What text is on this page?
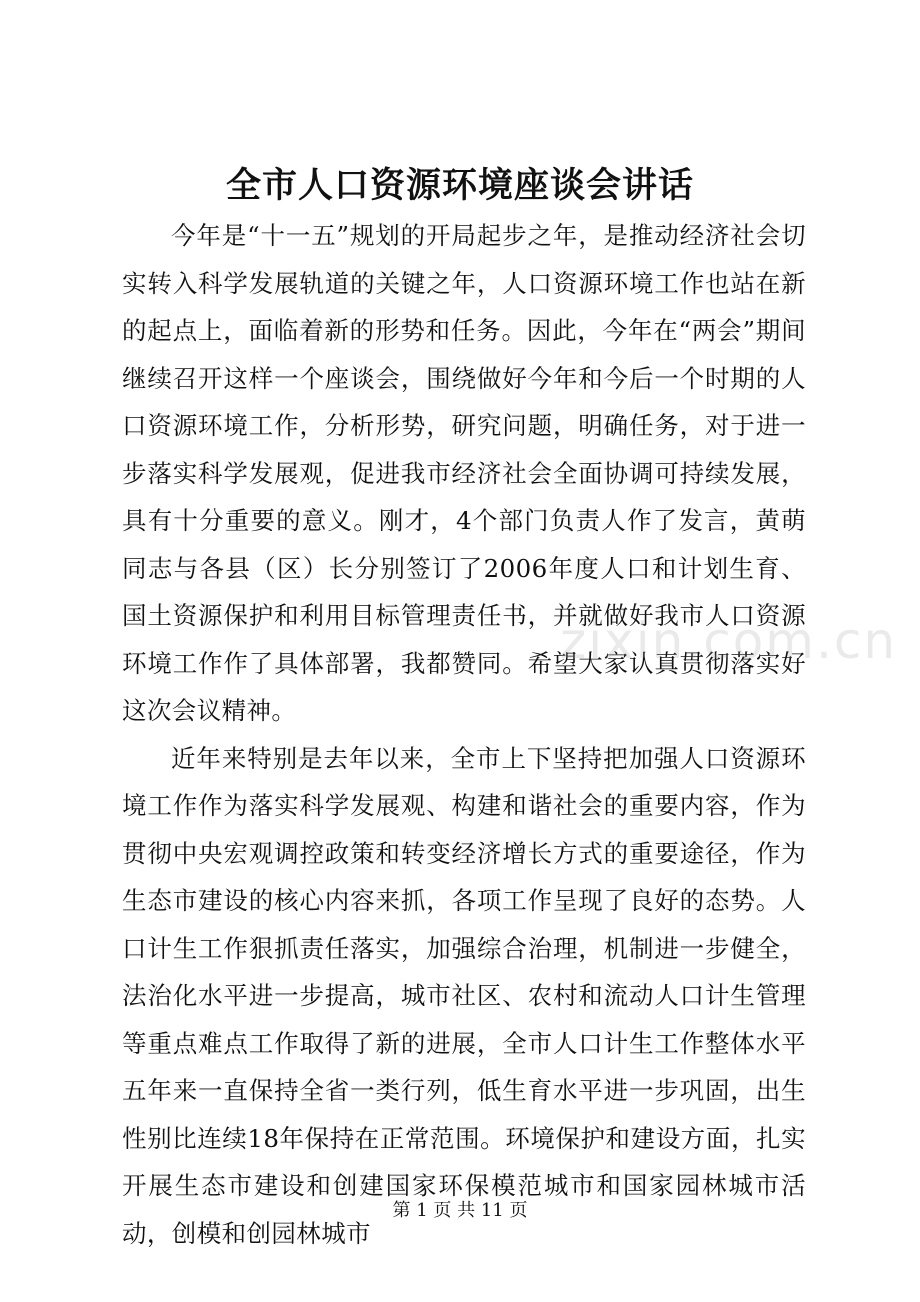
全市人口资源环境座谈会讲话

今年是“十一五”规划的开局起步之年，是推动经济社会切实转入科学发展轨道的关键之年，人口资源环境工作也站在新的起点上，面临着新的形势和任务。因此，今年在“两会”期间继续召开这样一个座谈会，围绕做好今年和今后一个时期的人口资源环境工作，分析形势，研究问题，明确任务，对于进一步落实科学发展观，促进我市经济社会全面协调可持续发展，具有十分重要的意义。刚才，4个部门负责人作了发言，黄萌同志与各县（区）长分别签订了2006年度人口和计划生育、国土资源保护和利用目标管理责任书，并就做好我市人口资源环境工作作了具体部署，我都赞同。希望大家认真贯彻落实好这次会议精神。

近年来特别是去年以来，全市上下坚持把加强人口资源环境工作作为落实科学发展观、构建和谐社会的重要内容，作为贯彻中央宏观调控政策和转变经济增长方式的重要途径，作为生态市建设的核心内容来抓，各项工作呈现了良好的态势。人口计生工作狠抓责任落实，加强综合治理，机制进一步健全，法治化水平进一步提高，城市社区、农村和流动人口计生管理等重点难点工作取得了新的进展，全市人口计生工作整体水平五年来一直保持全省一类行列，低生育水平进一步巩固，出生性别比连续18年保持在正常范围。环境保护和建设方面，扎实开展生态市建设和创建国家环保模范城市和国家园林城市活动，创模和创园林城市

zixin.com.cn
第 1 页 共 11 页
